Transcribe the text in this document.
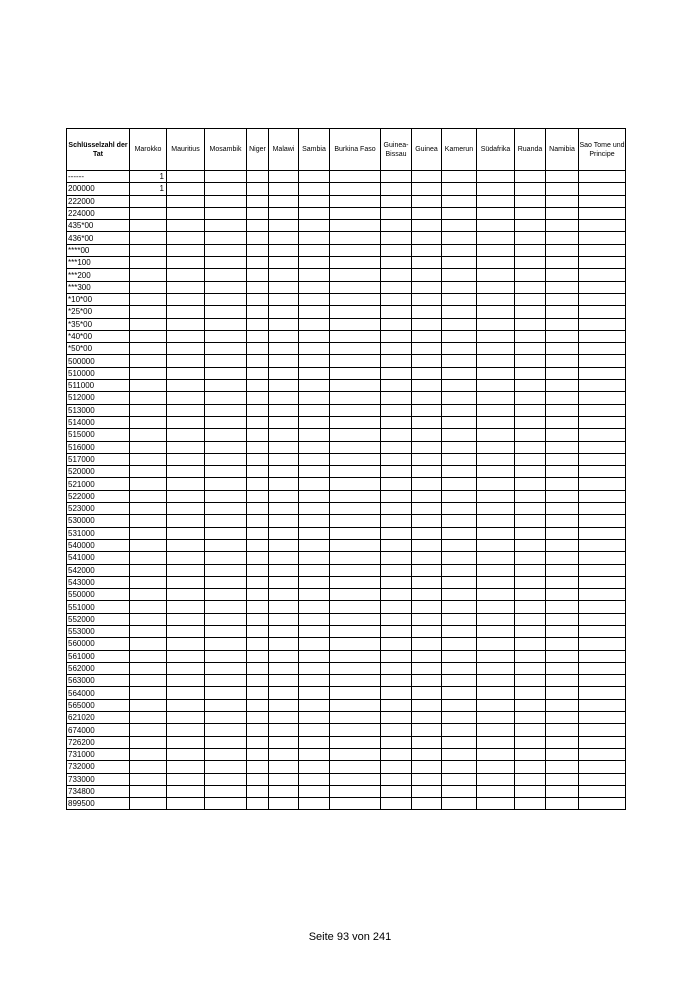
Schlüsselzahl der Tat	Marokko	Mauritius	Mosambik	Niger	Malawi	Sambia	Burkina Faso	Guinea-Bissau	Guinea	Kamerun	Südafrika	Ruanda	Namibia	Sao Tome und Principe
------	1													
200000	1													
222000														
224000														
435*00														
436*00														
****00														
***100														
***200														
***300														
*10*00														
*25*00														
*35*00														
*40*00														
*50*00														
500000														
510000														
511000														
512000														
513000														
514000														
515000														
516000														
517000														
520000														
521000														
522000														
523000														
530000														
531000														
540000														
541000														
542000														
543000														
550000														
551000														
552000														
553000														
560000														
561000														
562000														
563000														
564000														
565000														
621020														
674000														
726200														
731000														
732000														
733000														
734800														
899500														
Seite 93 von 241
